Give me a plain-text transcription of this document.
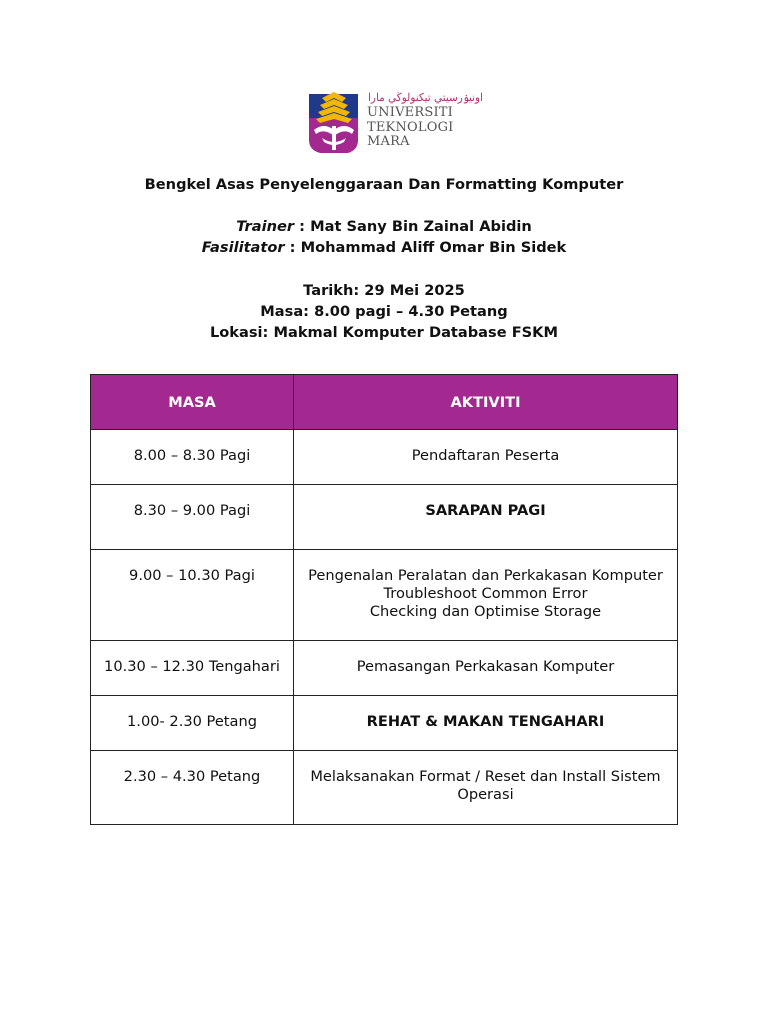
اونيۏرسيتي تيكنولوڬي مارا
UNIVERSITI
TEKNOLOGI
MARA
Bengkel Asas Penyelenggaraan Dan Formatting Komputer
Trainer : Mat Sany Bin Zainal Abidin
Fasilitator : Mohammad Aliff Omar Bin Sidek
Tarikh: 29 Mei 2025
Masa: 8.00 pagi – 4.30 Petang
Lokasi: Makmal Komputer Database FSKM
MASA	AKTIVITI
8.00 – 8.30 Pagi	Pendaftaran Peserta

8.30 – 9.00 Pagi	SARAPAN PAGI

9.00 – 10.30 Pagi	Pengenalan Peralatan dan Perkakasan Komputer
Troubleshoot Common Error
Checking dan Optimise Storage

10.30 – 12.30 Tengahari	Pemasangan Perkakasan Komputer

1.00- 2.30 Petang	REHAT & MAKAN TENGAHARI

2.30 – 4.30 Petang	Melaksanakan Format / Reset dan Install Sistem
Operasi
